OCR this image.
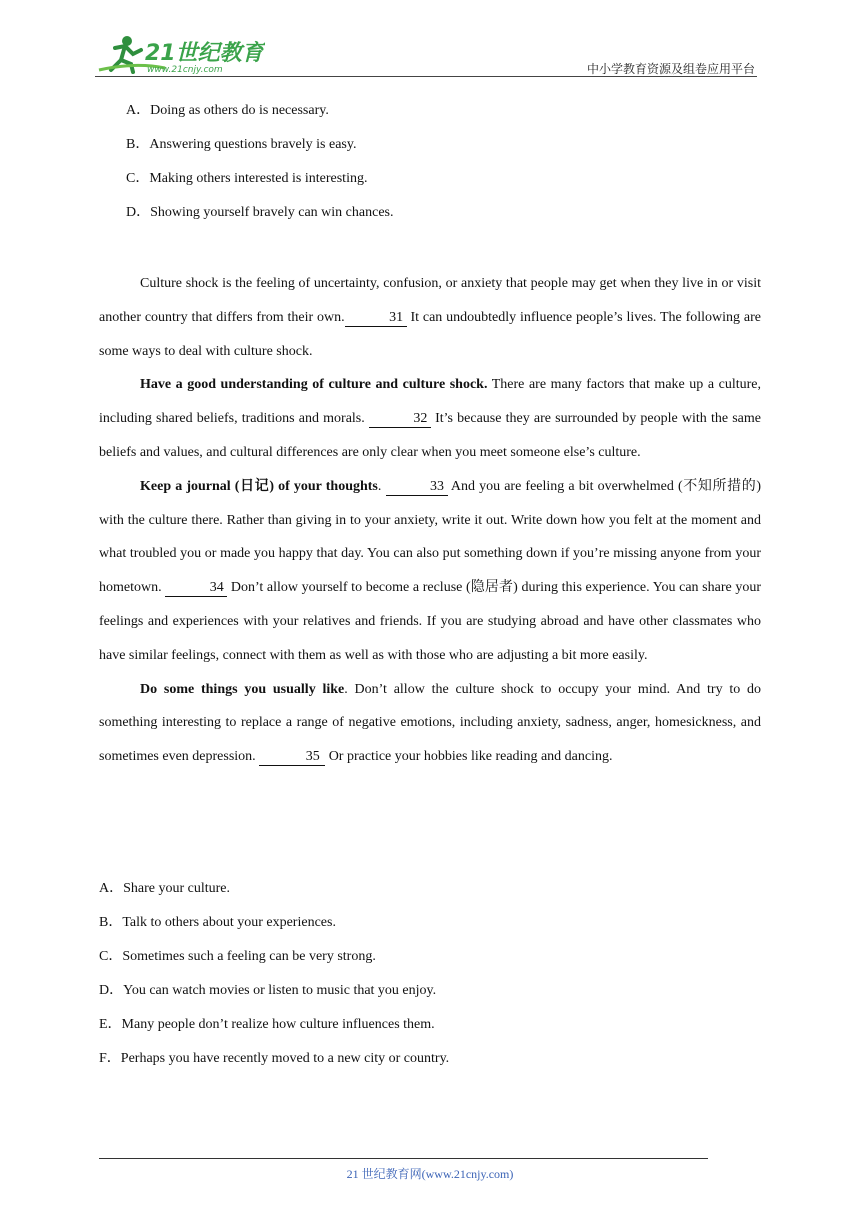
21世纪教育
www.21cnjy.com	中小学教育资源及组卷应用平台
A．Doing as others do is necessary.
B．Answering questions bravely is easy.
C．Making others interested is interesting.
D．Showing yourself bravely can win chances.

Culture shock is the feeling of uncertainty, confusion, or anxiety that people may get when they live in or visit another country that differs from their own.	31 It can undoubtedly influence people’s lives. The following are some ways to deal with culture shock.

Have a good understanding of culture and culture shock. There are many factors that make up a culture, including shared beliefs, traditions and morals.	32 It’s because they are surrounded by people with the same beliefs and values, and cultural differences are only clear when you meet someone else’s culture.

Keep a journal (日记) of your thoughts.	33 And you are feeling a bit overwhelmed (不知所措的) with the culture there. Rather than giving in to your anxiety, write it out. Write down how you felt at the moment and what troubled you or made you happy that day. You can also put something down if you’re missing anyone from your hometown.	34 Don’t allow yourself to become a recluse (隐居者) during this experience. You can share your feelings and experiences with your relatives and friends. If you are studying abroad and have other classmates who have similar feelings, connect with them as well as with those who are adjusting a bit more easily.

Do some things you usually like. Don’t allow the culture shock to occupy your mind. And try to do something interesting to replace a range of negative emotions, including anxiety, sadness, anger, homesickness, and sometimes even depression.	35 Or practice your hobbies like reading and dancing.

A．Share your culture.
B．Talk to others about your experiences.
C．Sometimes such a feeling can be very strong.
D．You can watch movies or listen to music that you enjoy.
E．Many people don’t realize how culture influences them.
F．Perhaps you have recently moved to a new city or country.
21 世纪教育网(www.21cnjy.com)
